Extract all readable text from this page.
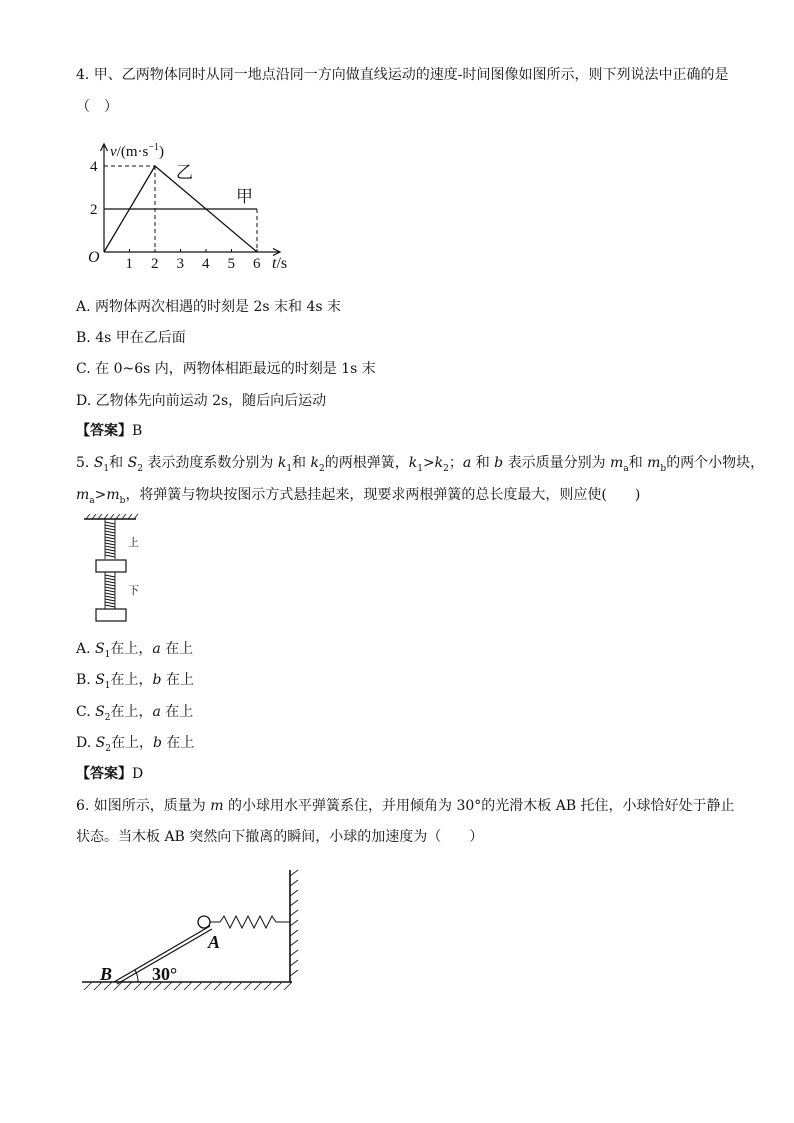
4. 甲、乙两物体同时从同一地点沿同一方向做直线运动的速度-时间图像如图所示，则下列说法中正确的是
（　）
1 2 3 4 5 6
2
4
O
$v/(m\cdot s^{-1})$
t/s
乙
甲
A. 两物体两次相遇的时刻是 2s 末和 4s 末
B. 4s 甲在乙后面
C. 在 0~6s 内，两物体相距最远的时刻是 1s 末
D. 乙物体先向前运动 2s，随后向后运动
【答案】B
5. $S_1$和 $S_2$ 表示劲度系数分别为 $k_1$和 $k_2$的两根弹簧，$k_1>k_2$；a 和 b 表示质量分别为 $m_a$和 $m_b$的两个小物块，
$m_a>m_b$，将弹簧与物块按图示方式悬挂起来，现要求两根弹簧的总长度最大，则应使(　　)
上
下
A. $S_1$在上，a 在上
B. $S_1$在上，b 在上
C. $S_2$在上，a 在上
D. $S_2$在上，b 在上
【答案】D
6. 如图所示，质量为 m 的小球用水平弹簧系住，并用倾角为 30°的光滑木板 AB 托住，小球恰好处于静止
状态。当木板 AB 突然向下撤离的瞬间，小球的加速度为（　　）
B
A
30°
